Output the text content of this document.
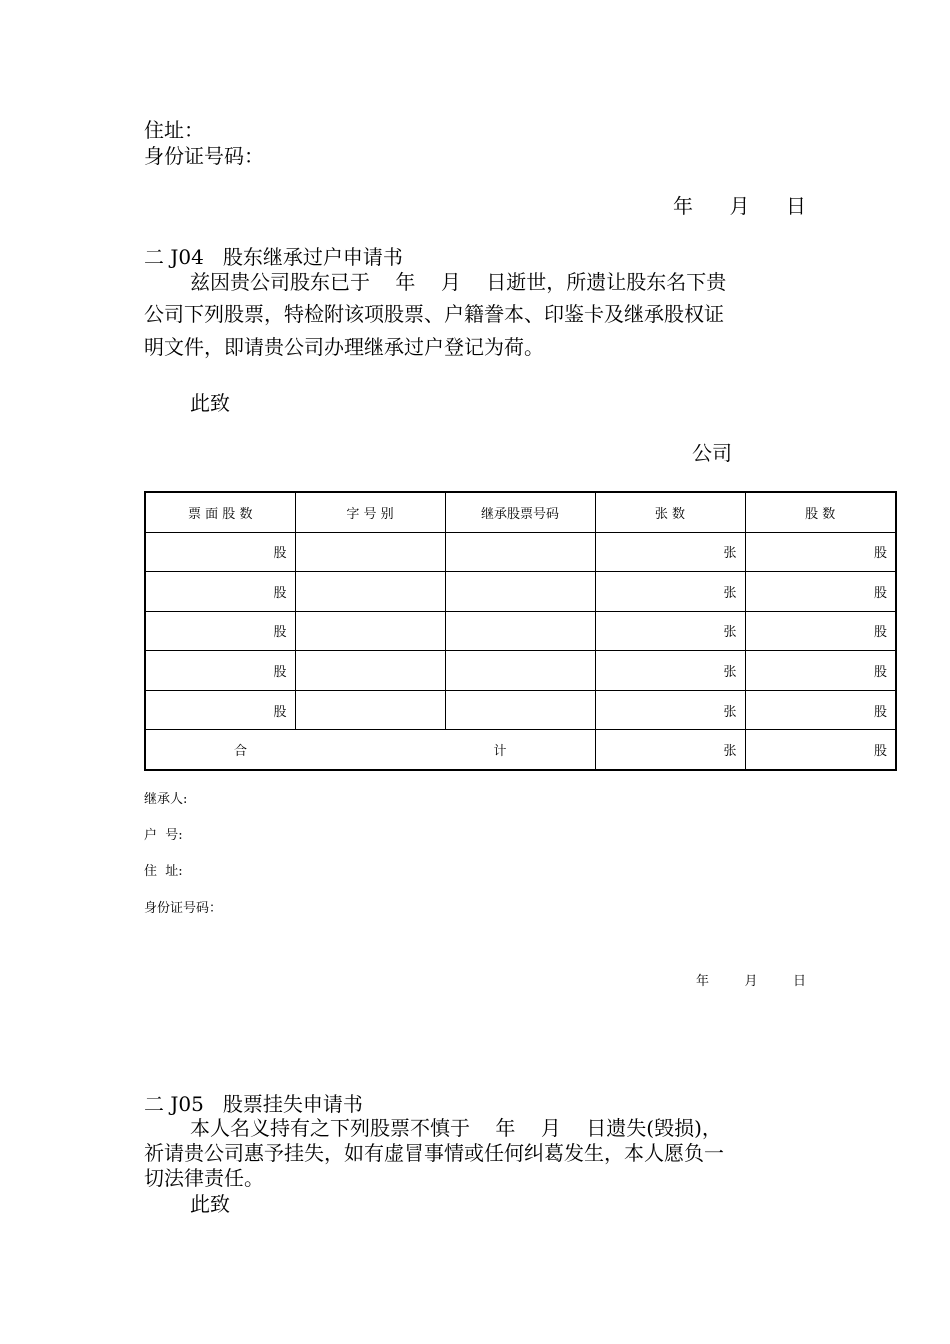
住址：
身份证号码：
年 月 日
二 J04   股东继承过户申请书
兹因贵公司股东已于    年    月    日逝世，所遗让股东名下贵
公司下列股票，特检附该项股票、户籍誊本、印鉴卡及继承股权证
明文件，即请贵公司办理继承过户登记为荷。
此致
公司
票 面 股 数	字 号 别	继承股票号码	张 数	股 数
股			张	股
股			张	股
股			张	股
股			张	股
股			张	股

合 计			张	股
继承人:
户  号:
住  址:
身份证号码：
年	月	日
二 J05   股票挂失申请书
本人名义持有之下列股票不慎于    年    月    日遗失(毁损)，
祈请贵公司惠予挂失，如有虚冒事情或任何纠葛发生，本人愿负一
切法律责任。
此致
